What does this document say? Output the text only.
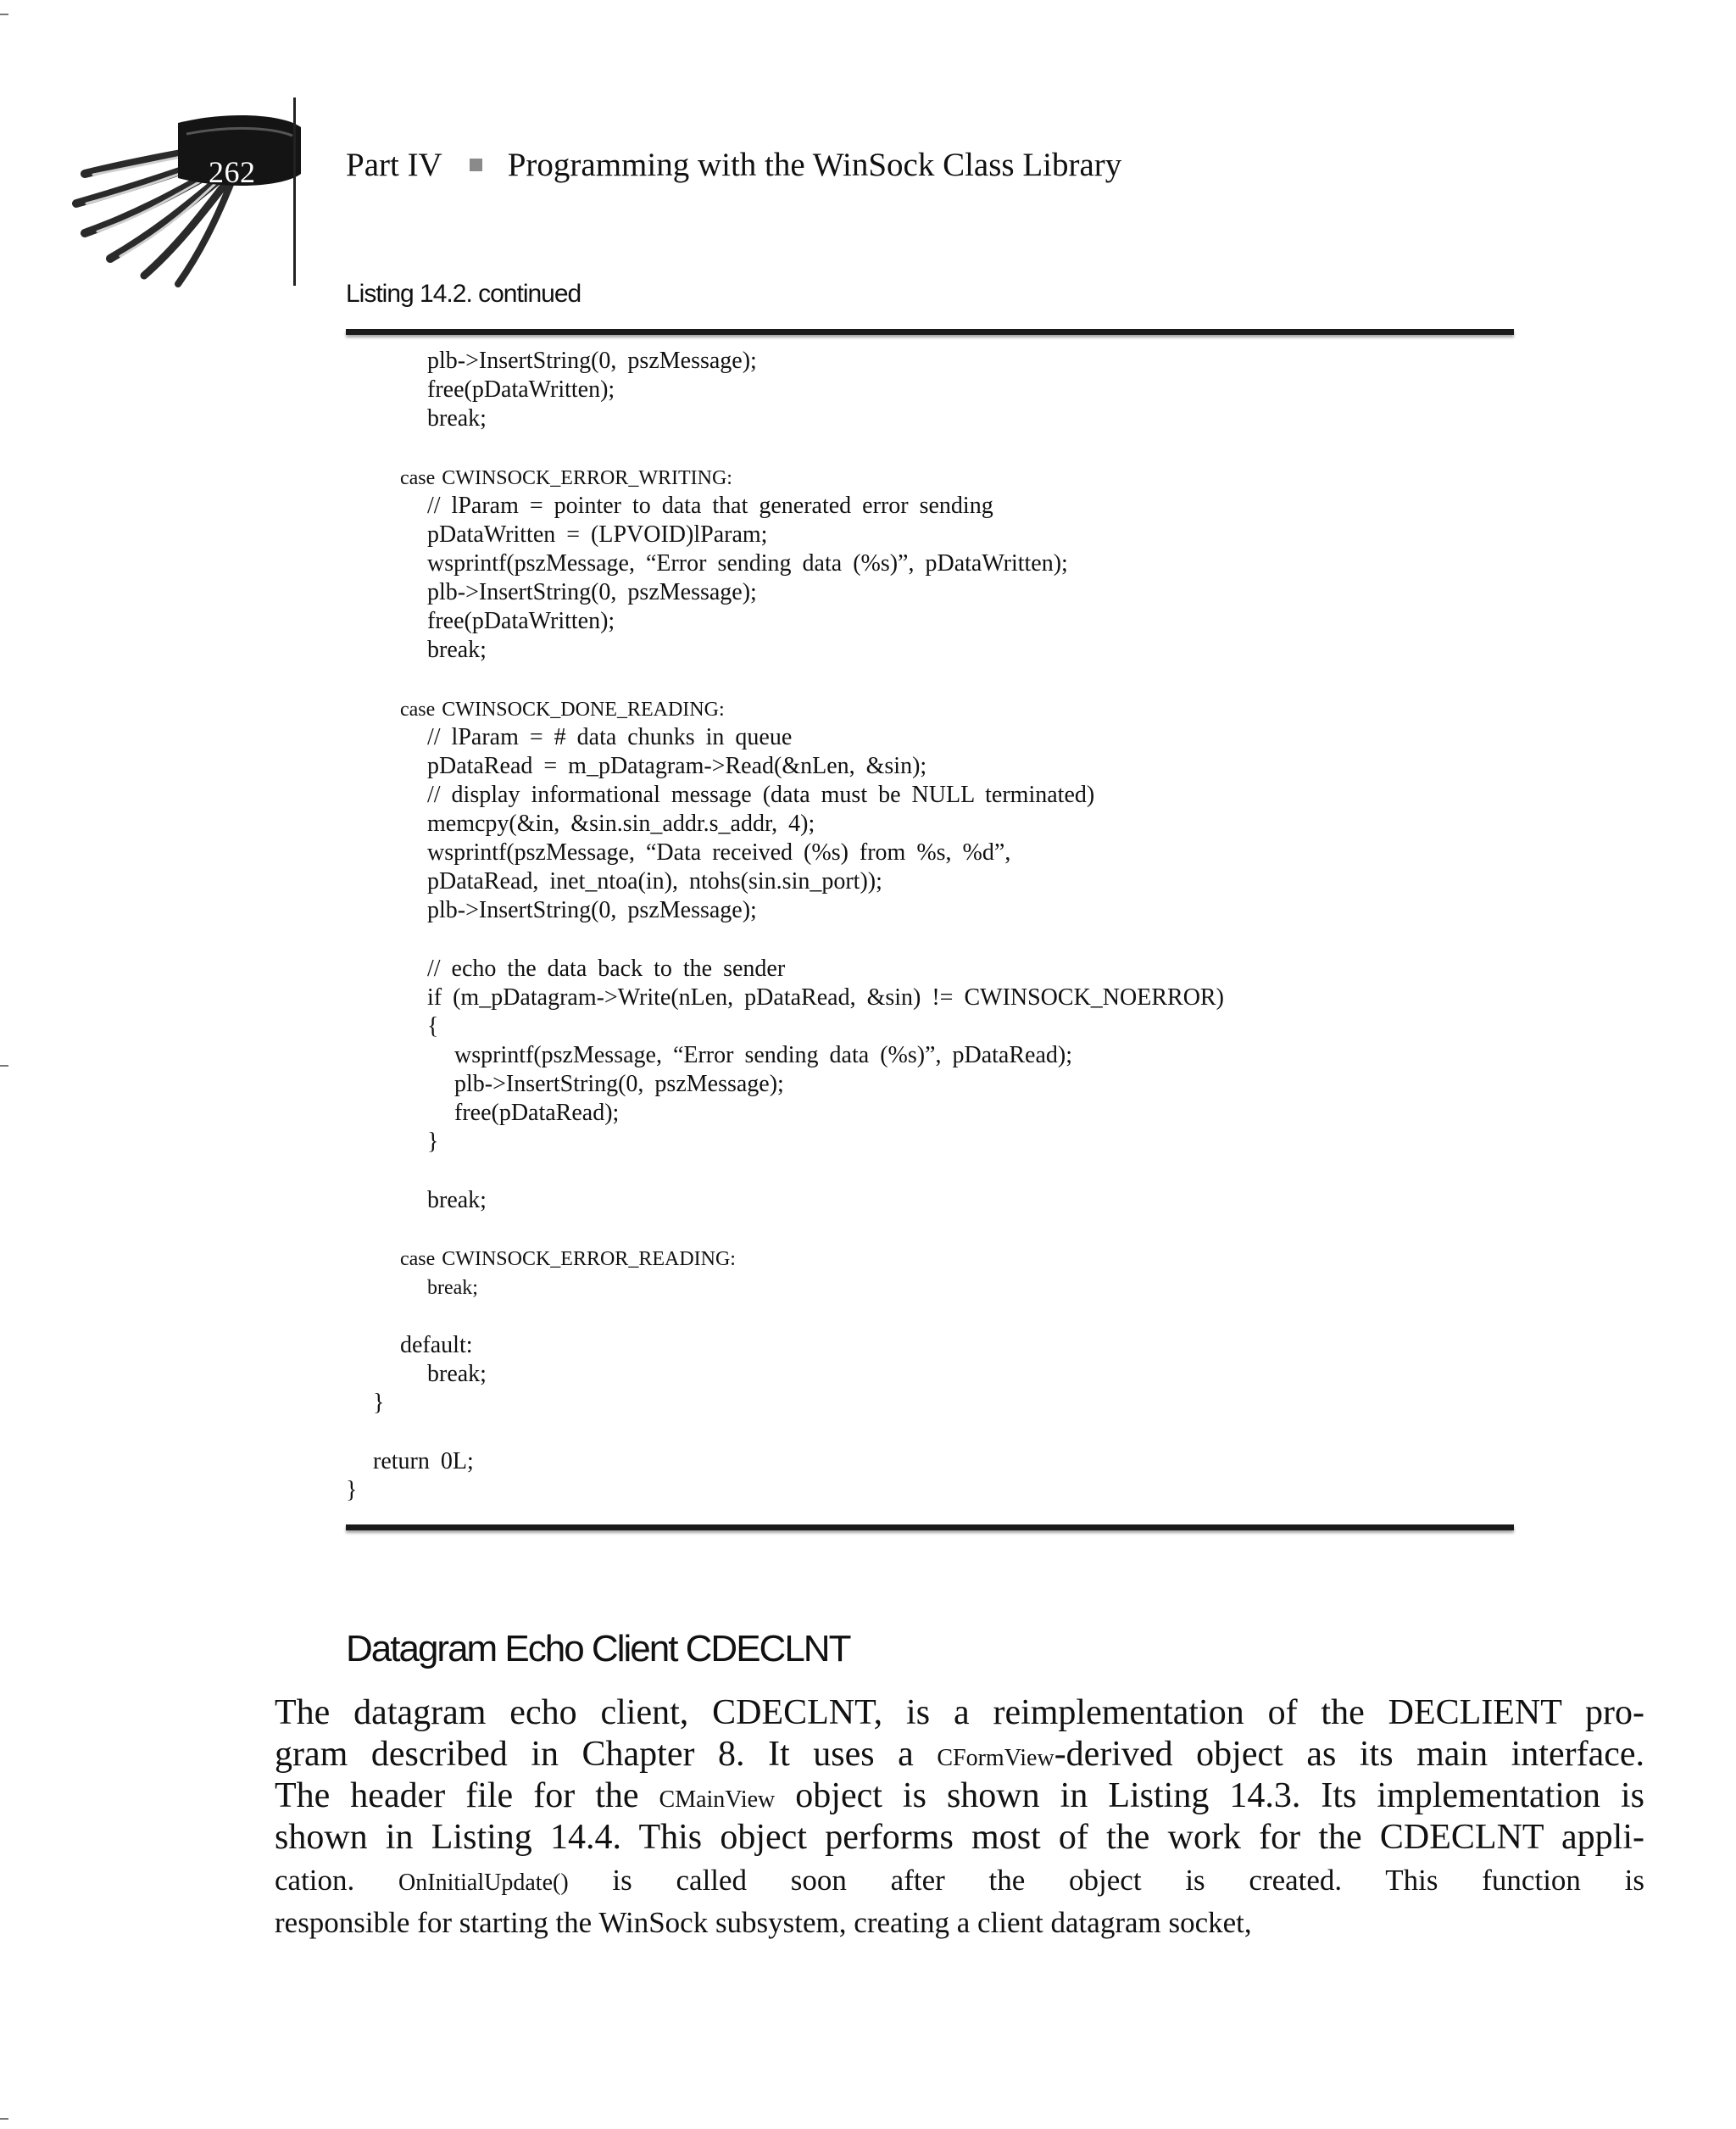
262	Part IV Programming with the WinSock Class Library
Listing 14.2. continued
plb->InsertString(0, pszMessage);
free(pDataWritten);
break;
case CWINSOCK_ERROR_WRITING:
// lParam = pointer to data that generated error sending
pDataWritten = (LPVOID)lParam;
wsprintf(pszMessage, “Error sending data (%s)”, pDataWritten);
plb->InsertString(0, pszMessage);
free(pDataWritten);
break;
case CWINSOCK_DONE_READING:
// lParam = # data chunks in queue
pDataRead = m_pDatagram->Read(&nLen, &sin);
// display informational message (data must be NULL terminated)
memcpy(&in, &sin.sin_addr.s_addr, 4);
wsprintf(pszMessage, “Data received (%s) from %s, %d”,
pDataRead, inet_ntoa(in), ntohs(sin.sin_port));
plb->InsertString(0, pszMessage);
// echo the data back to the sender
if (m_pDatagram->Write(nLen, pDataRead, &sin) != CWINSOCK_NOERROR)
{
wsprintf(pszMessage, “Error sending data (%s)”, pDataRead);
plb->InsertString(0, pszMessage);
free(pDataRead);
}
break;
case CWINSOCK_ERROR_READING:
break;
default:
break;
}
return 0L;
}
Datagram Echo Client CDECLNT
The datagram echo client, CDECLNT, is a reimplementation of the DECLIENT pro-
gram described in Chapter 8. It uses a CFormView-derived object as its main interface.
The header file for the CMainView object is shown in Listing 14.3. Its implementation is
shown in Listing 14.4. This object performs most of the work for the CDECLNT appli-
cation. OnInitialUpdate() is called soon after the object is created. This function is
responsible for starting the WinSock subsystem, creating a client datagram socket,
